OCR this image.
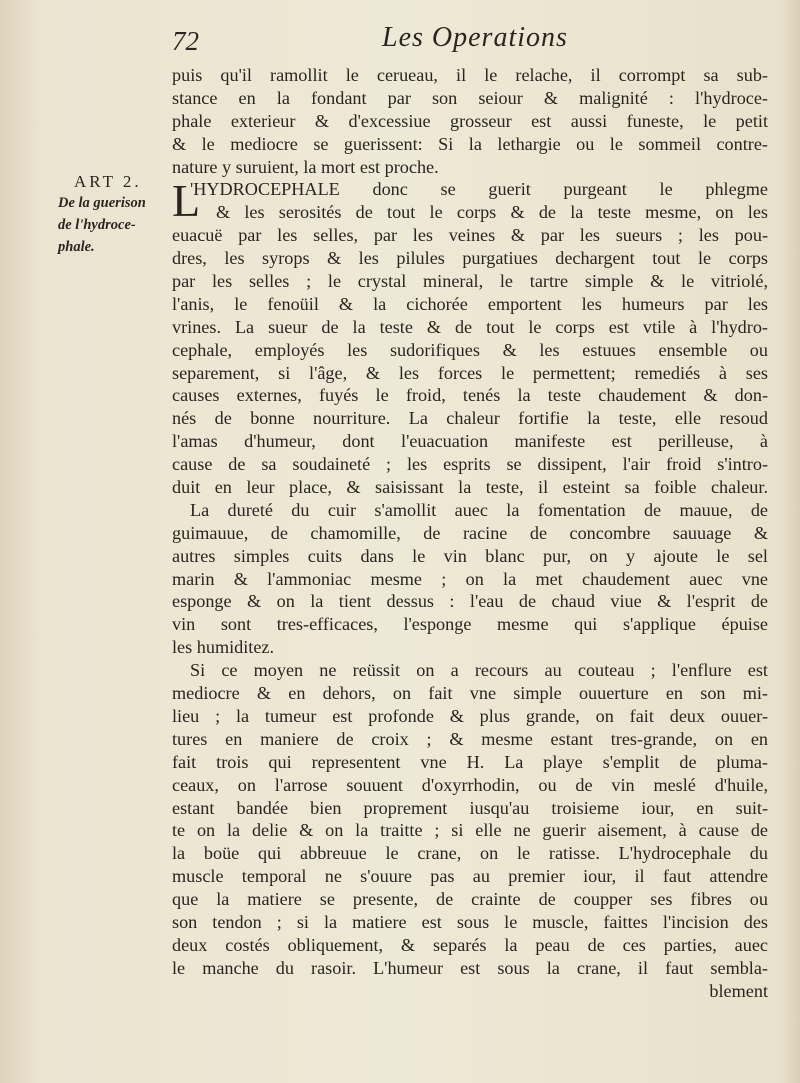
72	Les Operations
ART 2.
De la guerison
de l'hydroce-
phale.
puis qu'il ramollit le cerueau, il le relache, il corrompt sa sub-
stance en la fondant par son seiour & malignité : l'hydroce-
phale exterieur & d'excessiue grosseur est aussi funeste, le petit
& le mediocre se guerissent: Si la lethargie ou le sommeil contre-
nature y suruient, la mort est proche.
L
'HYDROCEPHALE donc se guerit purgeant le phlegme
& les serosités de tout le corps & de la teste mesme, on les
euacuë par les selles, par les veines & par les sueurs ; les pou-
dres, les syrops & les pilules purgatiues dechargent tout le corps
par les selles ; le crystal mineral, le tartre simple & le vitriolé,
l'anis, le fenoüil & la cichorée emportent les humeurs par les
vrines. La sueur de la teste & de tout le corps est vtile à l'hydro-
cephale, employés les sudorifiques & les estuues ensemble ou
separement, si l'âge, & les forces le permettent; remediés à ses
causes externes, fuyés le froid, tenés la teste chaudement & don-
nés de bonne nourriture. La chaleur fortifie la teste, elle resoud
l'amas d'humeur, dont l'euacuation manifeste est perilleuse, à
cause de sa soudaineté ; les esprits se dissipent, l'air froid s'intro-
duit en leur place, & saisissant la teste, il esteint sa foible chaleur.
La dureté du cuir s'amollit auec la fomentation de mauue, de
guimauue, de chamomille, de racine de concombre sauuage &
autres simples cuits dans le vin blanc pur, on y ajoute le sel
marin & l'ammoniac mesme ; on la met chaudement auec vne
esponge & on la tient dessus : l'eau de chaud viue & l'esprit de
vin sont tres-efficaces, l'esponge mesme qui s'applique épuise
les humiditez.
Si ce moyen ne reüssit on a recours au couteau ; l'enflure est
mediocre & en dehors, on fait vne simple ouuerture en son mi-
lieu ; la tumeur est profonde & plus grande, on fait deux ouuer-
tures en maniere de croix ; & mesme estant tres-grande, on en
fait trois qui representent vne H. La playe s'emplit de pluma-
ceaux, on l'arrose souuent d'oxyrrhodin, ou de vin meslé d'huile,
estant bandée bien proprement iusqu'au troisieme iour, en suit-
te on la delie & on la traitte ; si elle ne guerir aisement, à cause de
la boüe qui abbreuue le crane, on le ratisse. L'hydrocephale du
muscle temporal ne s'ouure pas au premier iour, il faut attendre
que la matiere se presente, de crainte de coupper ses fibres ou
son tendon ; si la matiere est sous le muscle, faittes l'incision des
deux costés obliquement, & separés la peau de ces parties, auec
le manche du rasoir. L'humeur est sous la crane, il faut sembla-
blement
